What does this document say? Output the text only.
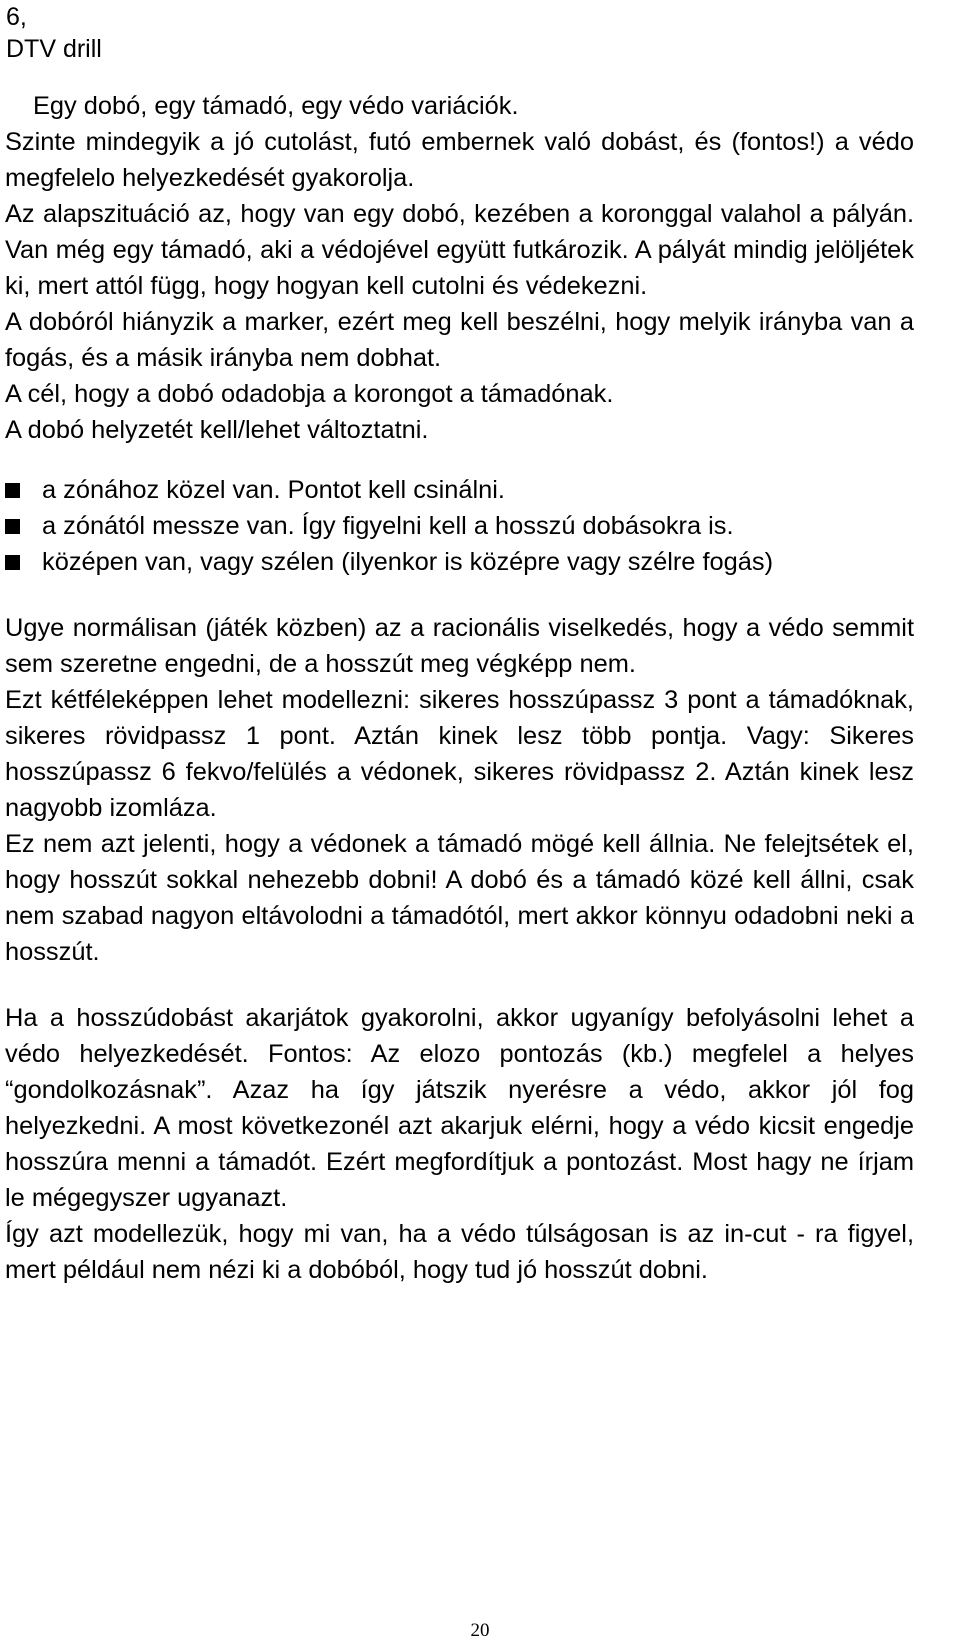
6,
DTV drill

Egy dobó, egy támadó, egy védo variációk.

Szinte mindegyik a jó cutolást, futó embernek való dobást, és (fontos!) a védo megfelelo helyezkedését gyakorolja.

Az alapszituáció az, hogy van egy dobó, kezében a koronggal valahol a pályán. Van még egy támadó, aki a védojével együtt futkározik. A pályát mindig jelöljétek ki, mert attól függ, hogy hogyan kell cutolni és védekezni.

A dobóról hiányzik a marker, ezért meg kell beszélni, hogy melyik irányba van a fogás, és a másik irányba nem dobhat.

A cél, hogy a dobó odadobja a korongot a támadónak.

A dobó helyzetét kell/lehet változtatni.

a zónához közel van. Pontot kell csinálni.
a zónától messze van. Így figyelni kell a hosszú dobásokra is.
középen van, vagy szélen (ilyenkor is középre vagy szélre fogás)

Ugye normálisan (játék közben) az a racionális viselkedés, hogy a védo semmit sem szeretne engedni, de a hosszút meg végképp nem.

Ezt kétféleképpen lehet modellezni: sikeres hosszúpassz 3 pont a támadóknak, sikeres rövidpassz 1 pont. Aztán kinek lesz több pontja. Vagy: Sikeres hosszúpassz 6 fekvo/felülés a védonek, sikeres rövidpassz 2. Aztán kinek lesz nagyobb izomláza.

Ez nem azt jelenti, hogy a védonek a támadó mögé kell állnia. Ne felejtsétek el, hogy hosszút sokkal nehezebb dobni! A dobó és a támadó közé kell állni, csak nem szabad nagyon eltávolodni a támadótól, mert akkor könnyu odadobni neki a hosszút.

Ha a hosszúdobást akarjátok gyakorolni, akkor ugyanígy befolyásolni lehet a védo helyezkedését. Fontos: Az elozo pontozás (kb.) megfelel a helyes “gondolkozásnak”. Azaz ha így játszik nyerésre a védo, akkor jól fog helyezkedni. A most következonél azt akarjuk elérni, hogy a védo kicsit engedje hosszúra menni a támadót. Ezért megfordítjuk a pontozást. Most hagy ne írjam le mégegyszer ugyanazt.

Így azt modellezük, hogy mi van, ha a védo túlságosan is az in-cut - ra figyel, mert például nem nézi ki a dobóból, hogy tud jó hosszút dobni.

20
